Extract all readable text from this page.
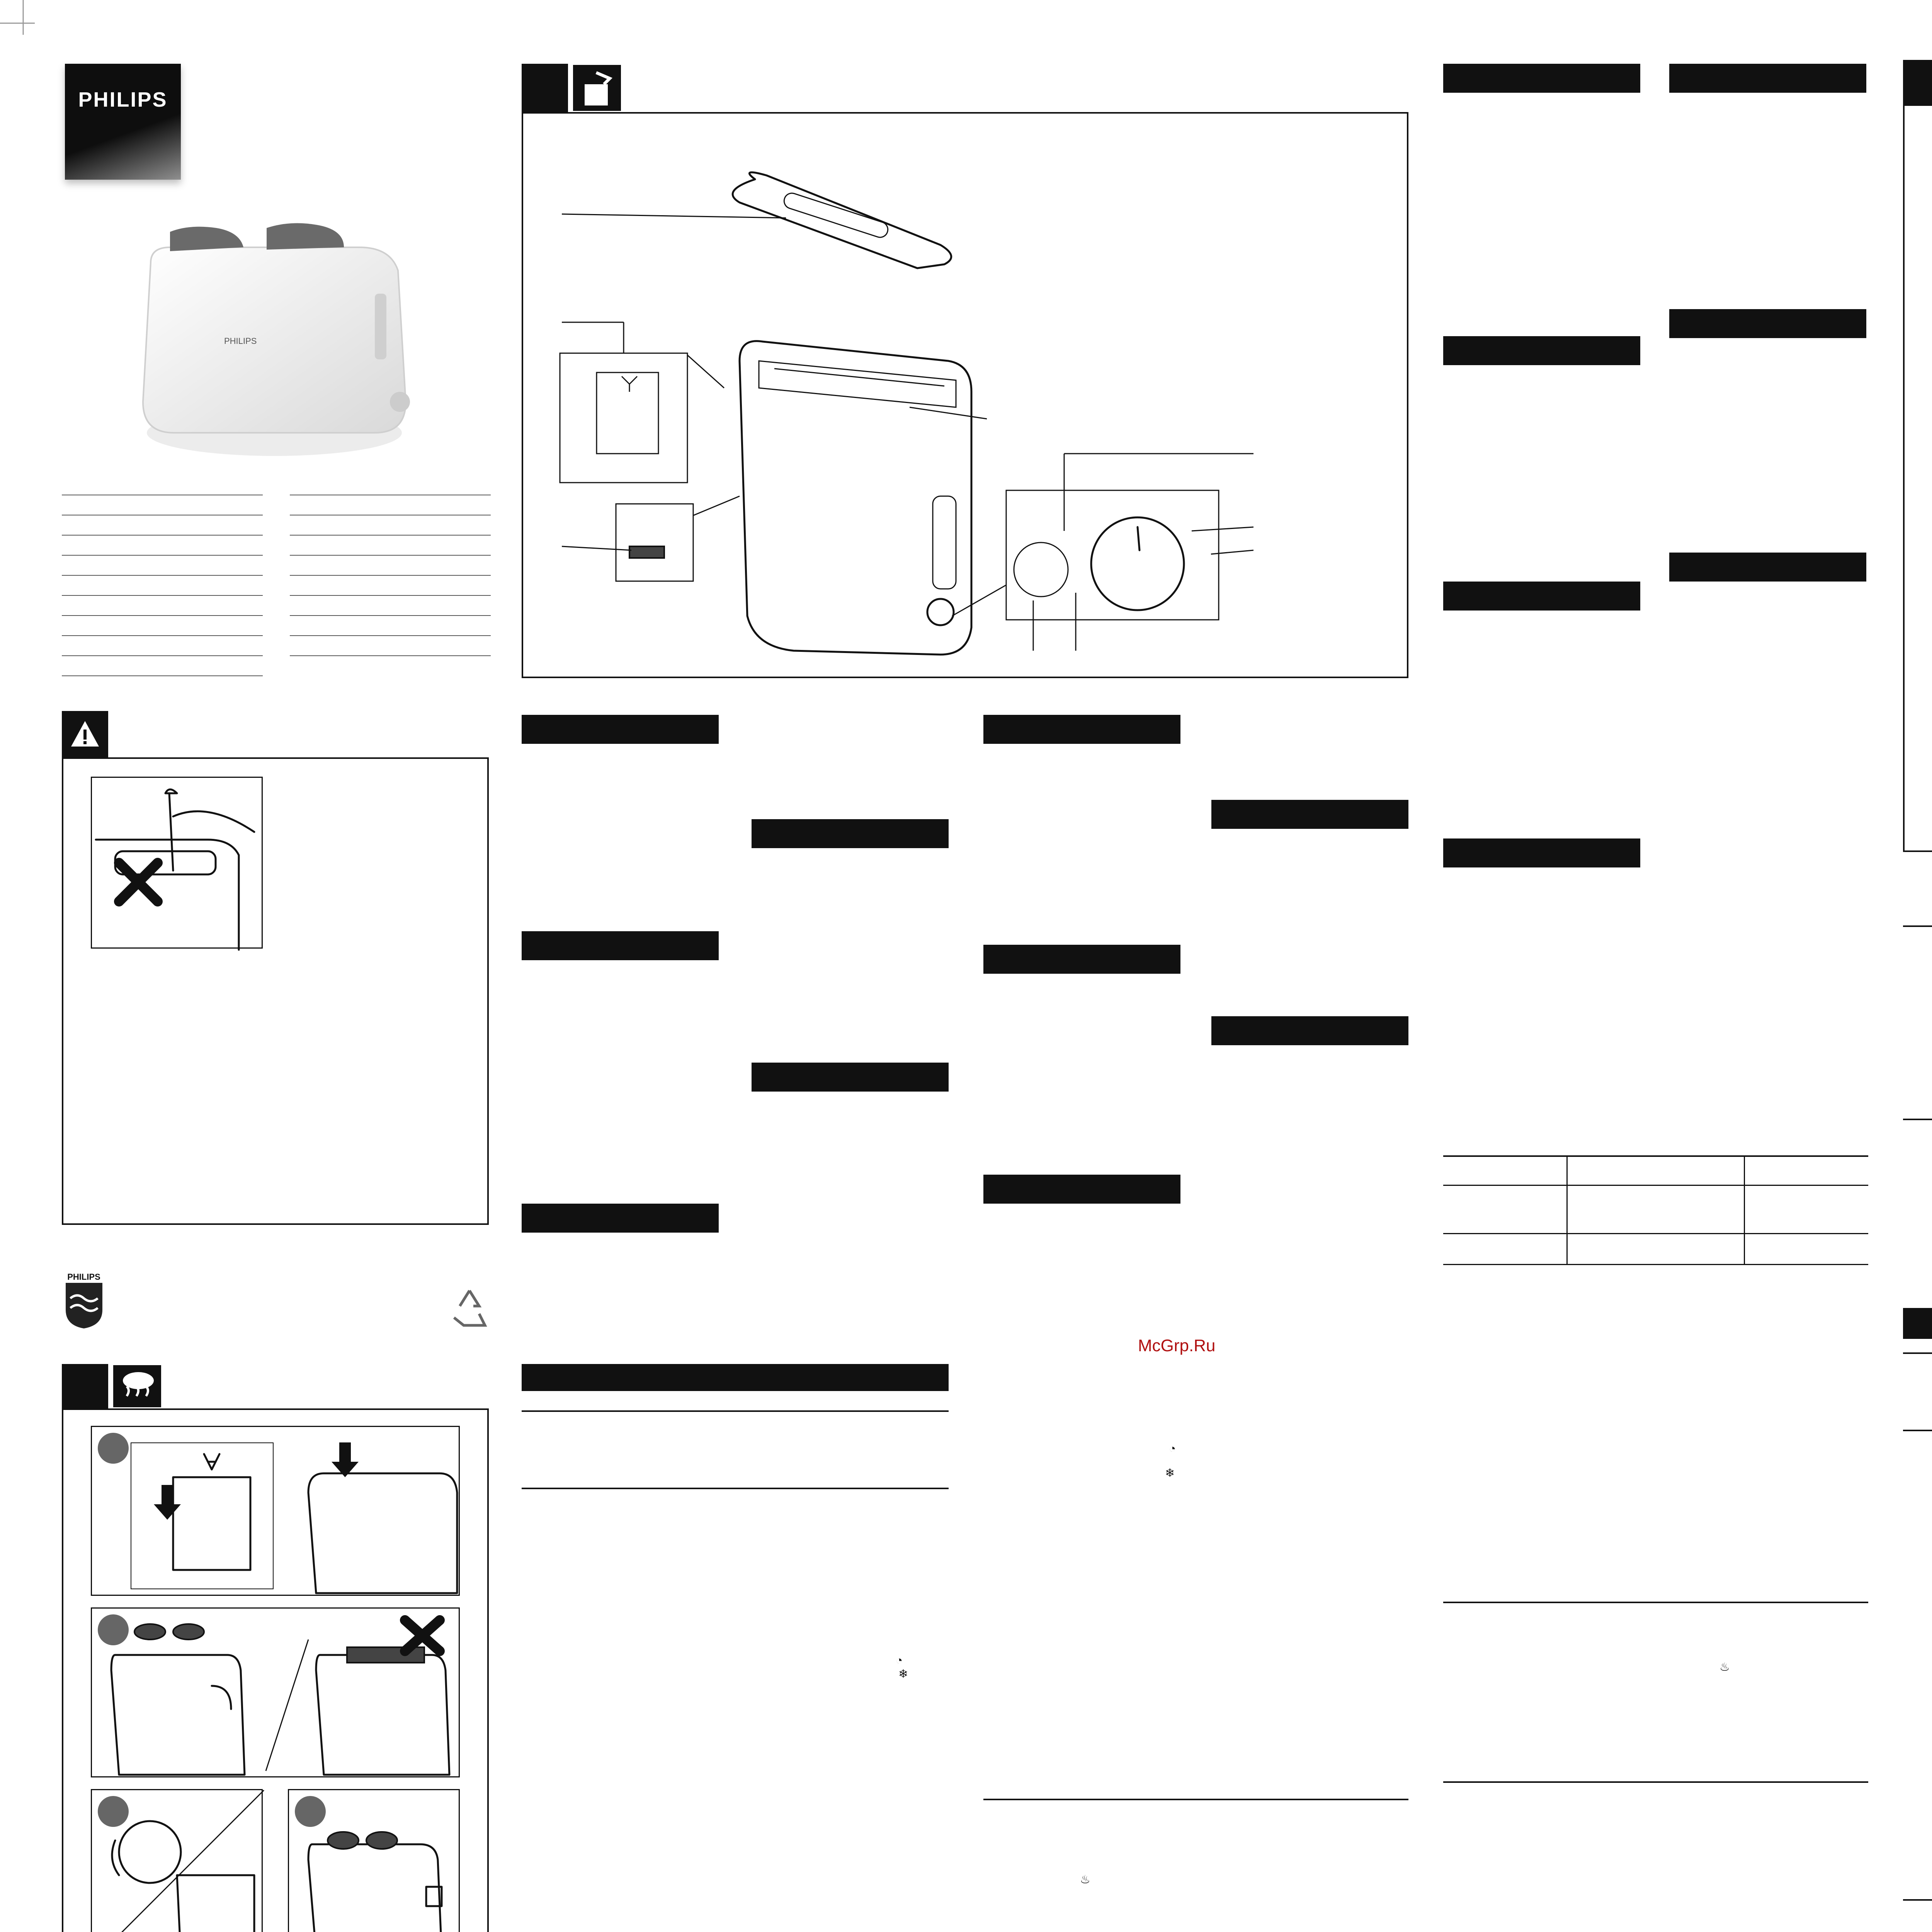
PHILIPS
PHILIPS
PHILIPS
◔
❄
McGrp.Ru
◔
❄
♨

♨
